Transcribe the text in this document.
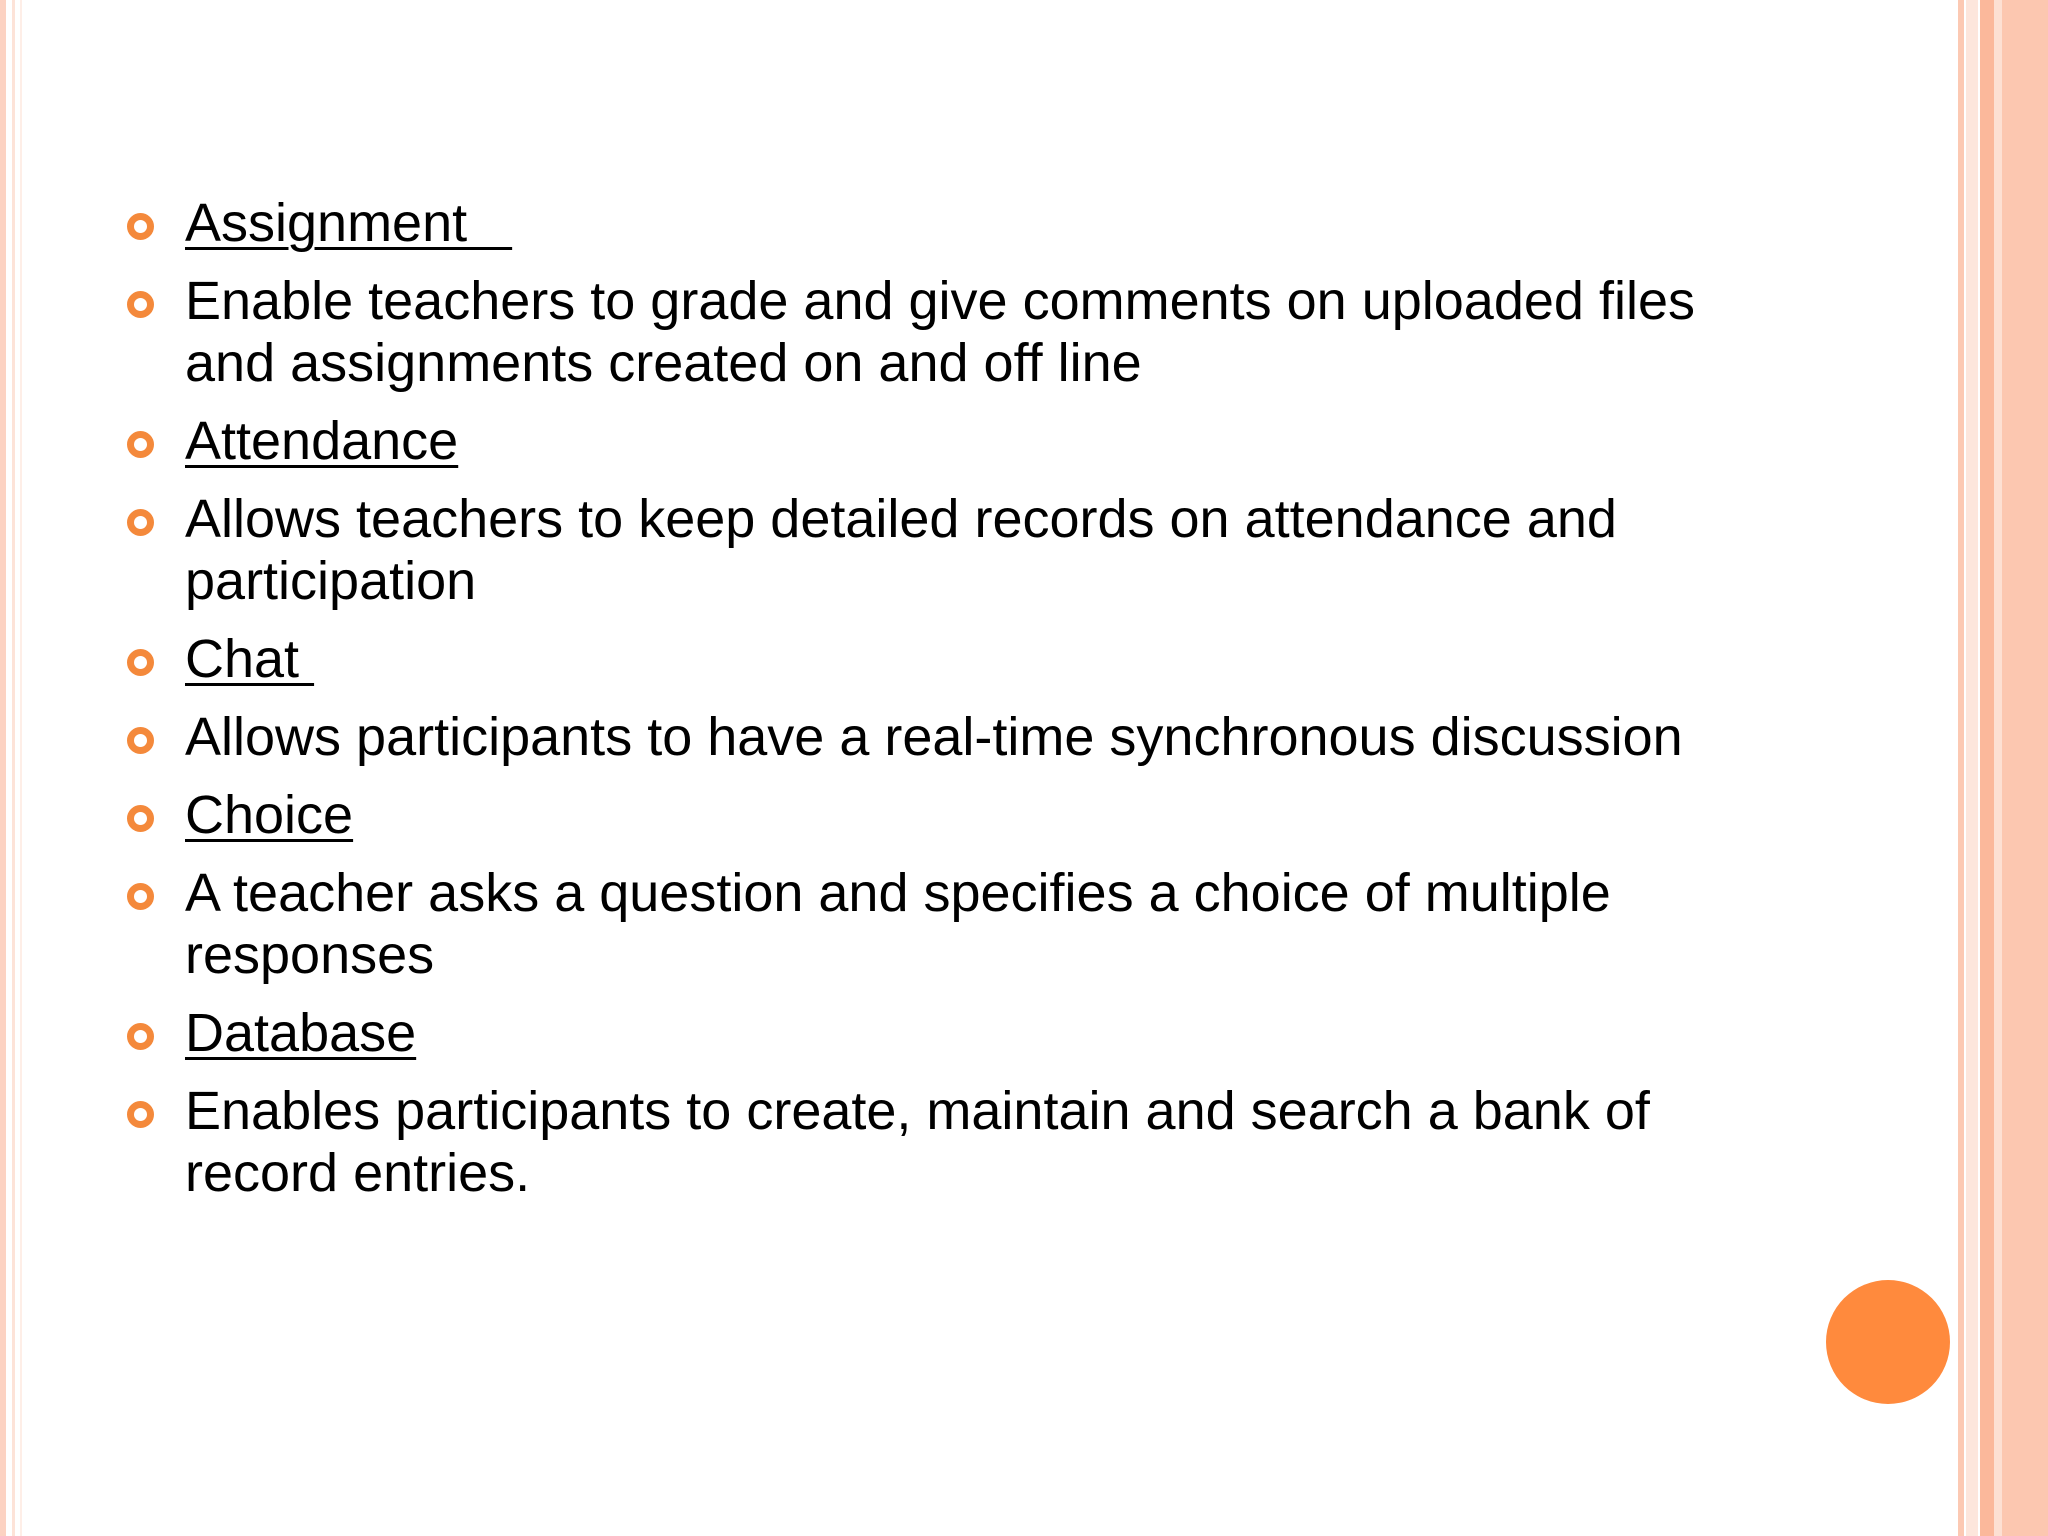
Assignment
Enable teachers to grade and give comments on uploaded files and assignments created on and off line
Attendance
Allows teachers to keep detailed records on attendance and participation
Chat
Allows participants to have a real-time synchronous discussion
Choice
A teacher asks a question and specifies a choice of multiple responses
Database
Enables participants to create, maintain and search a bank of record entries.
